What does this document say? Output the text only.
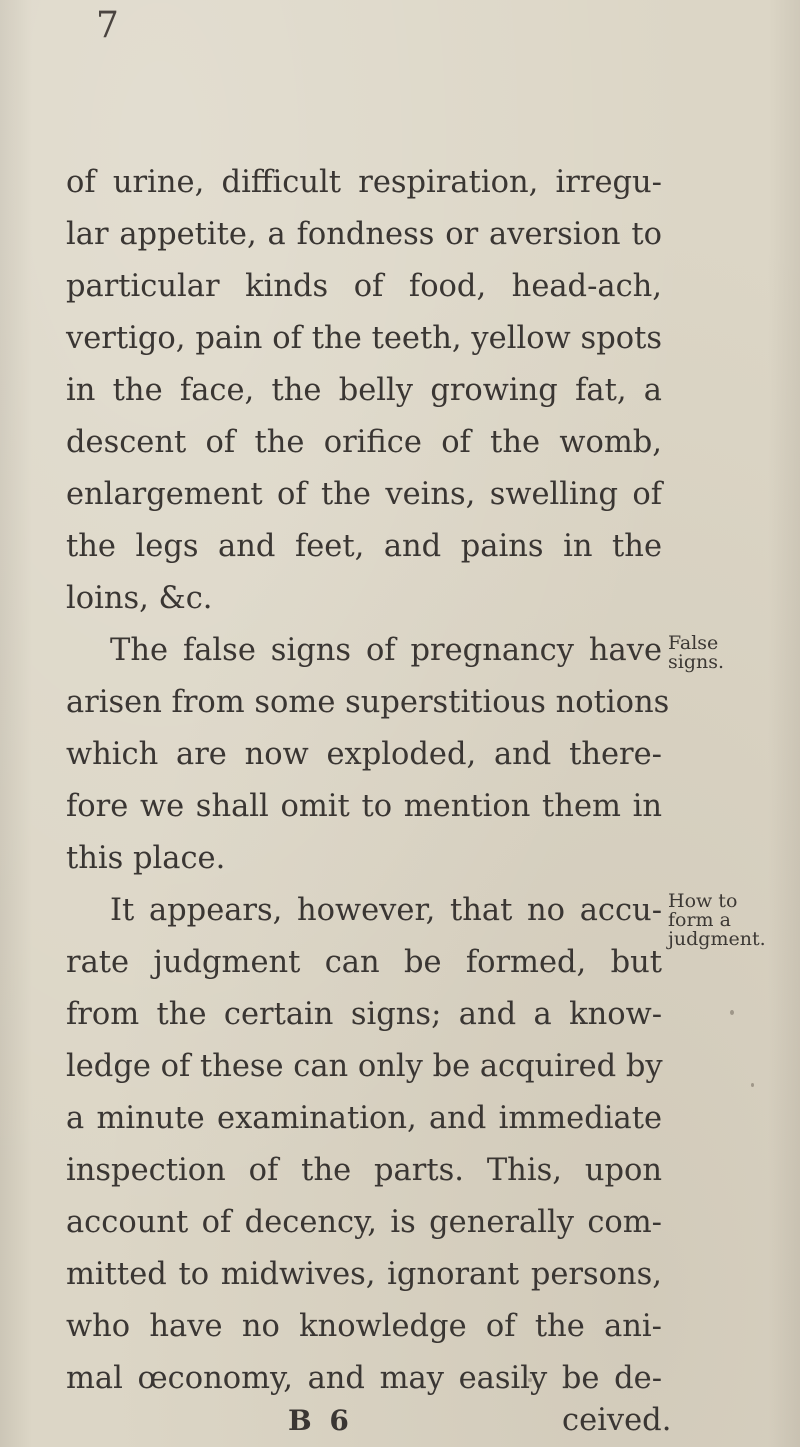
7
of urine, difficult respiration, irregu-
lar appetite, a fondness or aversion to
particular kinds of food, head-ach,
vertigo, pain of the teeth, yellow spots
in the face, the belly growing fat, a
descent of the orifice of the womb,
enlargement of the veins, swelling of
the legs and feet, and pains in the
loins, &c.
The false signs of pregnancy have
arisen from some superstitious notions
which are now exploded, and there-
fore we shall omit to mention them in
this place.
It appears, however, that no accu-
rate judgment can be formed, but
from the certain signs; and a know-
ledge of these can only be acquired by
a minute examination, and immediate
inspection of the parts. This, upon
account of decency, is generally com-
mitted to midwives, ignorant persons,
who have no knowledge of the ani-
mal œconomy, and may easily be de-
B 6	ceived.
False
signs.
How to
form a
judgment.
